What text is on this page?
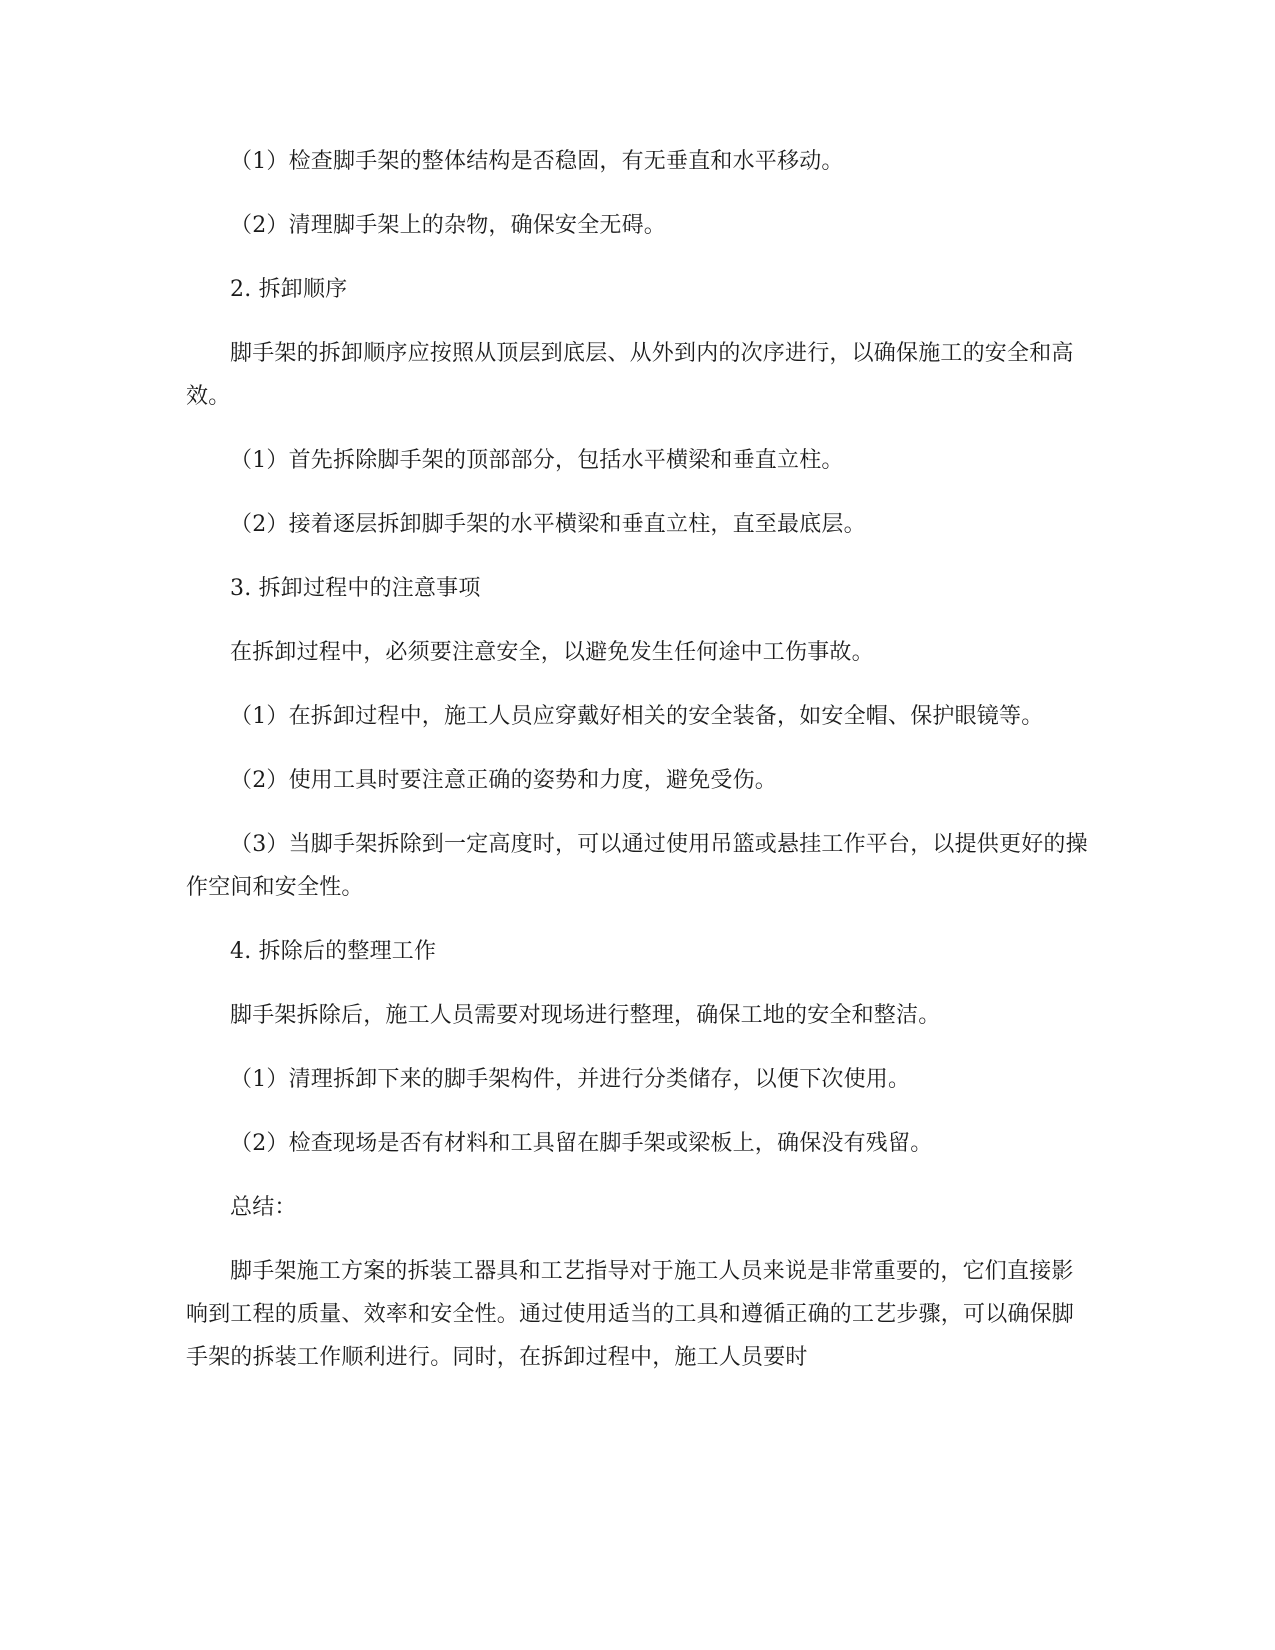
（1）检查脚手架的整体结构是否稳固，有无垂直和水平移动。

（2）清理脚手架上的杂物，确保安全无碍。

2. 拆卸顺序

脚手架的拆卸顺序应按照从顶层到底层、从外到内的次序进行，以确保施工的安全和高效。

（1）首先拆除脚手架的顶部部分，包括水平横梁和垂直立柱。

（2）接着逐层拆卸脚手架的水平横梁和垂直立柱，直至最底层。

3. 拆卸过程中的注意事项

在拆卸过程中，必须要注意安全，以避免发生任何途中工伤事故。

（1）在拆卸过程中，施工人员应穿戴好相关的安全装备，如安全帽、保护眼镜等。

（2）使用工具时要注意正确的姿势和力度，避免受伤。

（3）当脚手架拆除到一定高度时，可以通过使用吊篮或悬挂工作平台，以提供更好的操作空间和安全性。

4. 拆除后的整理工作

脚手架拆除后，施工人员需要对现场进行整理，确保工地的安全和整洁。

（1）清理拆卸下来的脚手架构件，并进行分类储存，以便下次使用。

（2）检查现场是否有材料和工具留在脚手架或梁板上，确保没有残留。

总结：

脚手架施工方案的拆装工器具和工艺指导对于施工人员来说是非常重要的，它们直接影响到工程的质量、效率和安全性。通过使用适当的工具和遵循正确的工艺步骤，可以确保脚手架的拆装工作顺利进行。同时，在拆卸过程中，施工人员要时
